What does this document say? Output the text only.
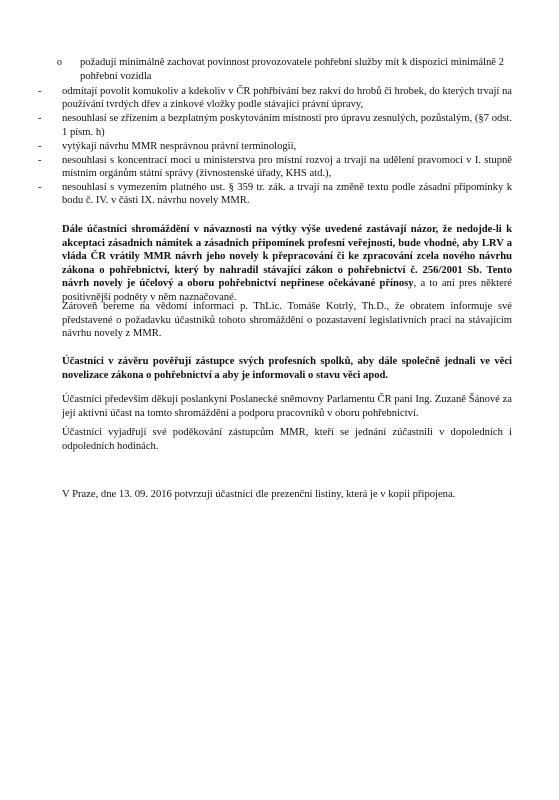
o	požadují minimálně zachovat povinnost provozovatele pohřební služby mít k dispozici minimálně 2 pohřební vozidla
- odmítají povolit komukoliv a kdekoliv v ČR pohřbívání bez rakví do hrobů či hrobek, do kterých trvají na používání tvrdých dřev a zinkové vložky podle stávající právní úpravy,
- nesouhlasí se zřízením a bezplatným poskytováním místnosti pro úpravu zesnulých, pozůstalým, (§7 odst. 1 písm. h)
- vytýkají návrhu MMR nesprávnou právní terminologii,
- nesouhlasí s koncentrací moci u ministerstva pro místní rozvoj a trvají na udělení pravomoci v I. stupně místním orgánům státní správy (živnostenské úřady, KHS atd.),
- nesouhlasí s vymezením platného ust. § 359 tr. zák. a trvají na změně textu podle zásadní připomínky k bodu č. IV. v části IX. návrhu novely MMR.
Dále účastníci shromáždění v návaznosti na výtky výše uvedené zastávají názor, že nedojde-li k akceptaci zásadních námitek a zásadních připomínek profesní veřejnosti, bude vhodné, aby LRV a vláda ČR vrátily MMR návrh jeho novely k přepracování či ke zpracování zcela nového návrhu zákona o pohřebnictví, který by nahradil stávající zákon o pohřebnictví č. 256/2001 Sb. Tento návrh novely je účelový a oboru pohřebnictví nepřinese očekávané přínosy, a to ani pres některé positivnější podněty v něm naznačované.
Zároveň bereme na vědomí informaci p. ThLic. Tomáše Kotrlý, Th.D., že obratem informuje své představené o požadavku účastníků tohoto shromáždění o pozastavení legislativních prací na stávajícím návrhu novely z MMR.
Účastníci v závěru pověřují zástupce svých profesních spolků, aby dále společně jednali ve věci novelizace zákona o pohřebnictví a aby je informovali o stavu věci apod.
Účastníci především děkují poslankyni Poslanecké sněmovny Parlamentu ČR paní Ing. Zuzaně Šánové za její aktivní účast na tomto shromáždění a podporu pracovníků v oboru pohřebnictví.
Účastníci vyjadřují své poděkování zástupcům MMR, kteří se jednání zúčastnili v dopoledních i odpoledních hodinách.
V Praze, dne 13. 09. 2016 potvrzují účastníci dle prezenční listiny, která je v kopii připojena.
